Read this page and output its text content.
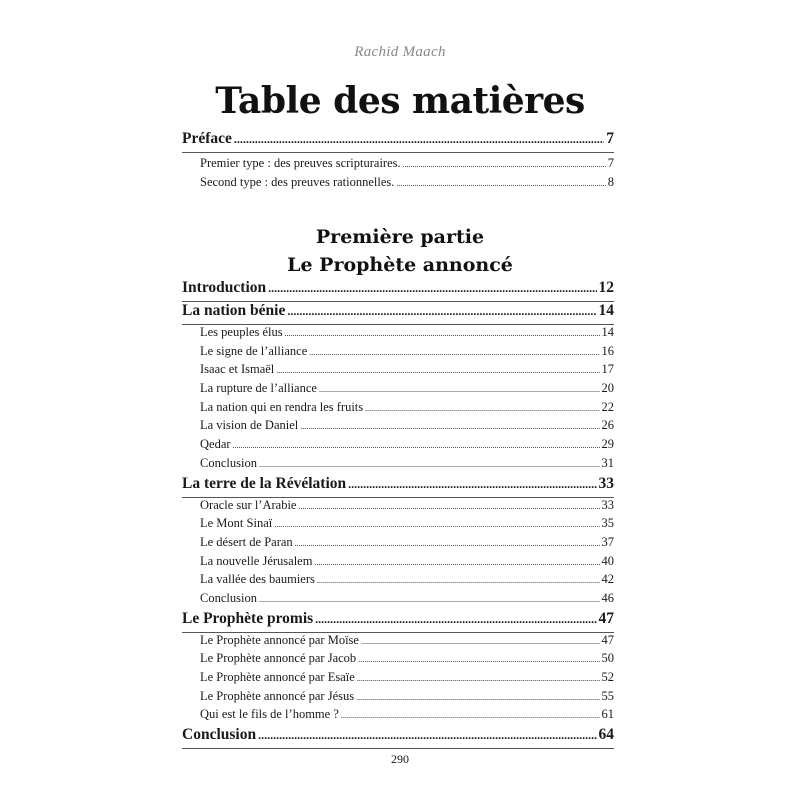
Rachid Maach
Table des matières
Préface .....	7
Premier type : des preuves scripturaires. .....	7
Second type : des preuves rationnelles. .....	8
Première partie
Le Prophète annoncé
Introduction .....	12
La nation bénie .....	14
Les peuples élus .....	14
Le signe de l’alliance .....	16
Isaac et Ismaël .....	17
La rupture de l’alliance .....	20
La nation qui en rendra les fruits .....	22
La vision de Daniel .....	26
Qedar .....	29
Conclusion .....	31
La terre de la Révélation .....	33
Oracle sur l’Arabie .....	33
Le Mont Sinaï .....	35
Le désert de Paran .....	37
La nouvelle Jérusalem .....	40
La vallée des baumiers .....	42
Conclusion .....	46
Le Prophète promis .....	47
Le Prophète annoncé par Moïse .....	47
Le Prophète annoncé par Jacob .....	50
Le Prophète annoncé par Esaïe .....	52
Le Prophète annoncé par Jésus .....	55
Qui est le fils de l’homme ? .....	61
Conclusion .....	64
290
